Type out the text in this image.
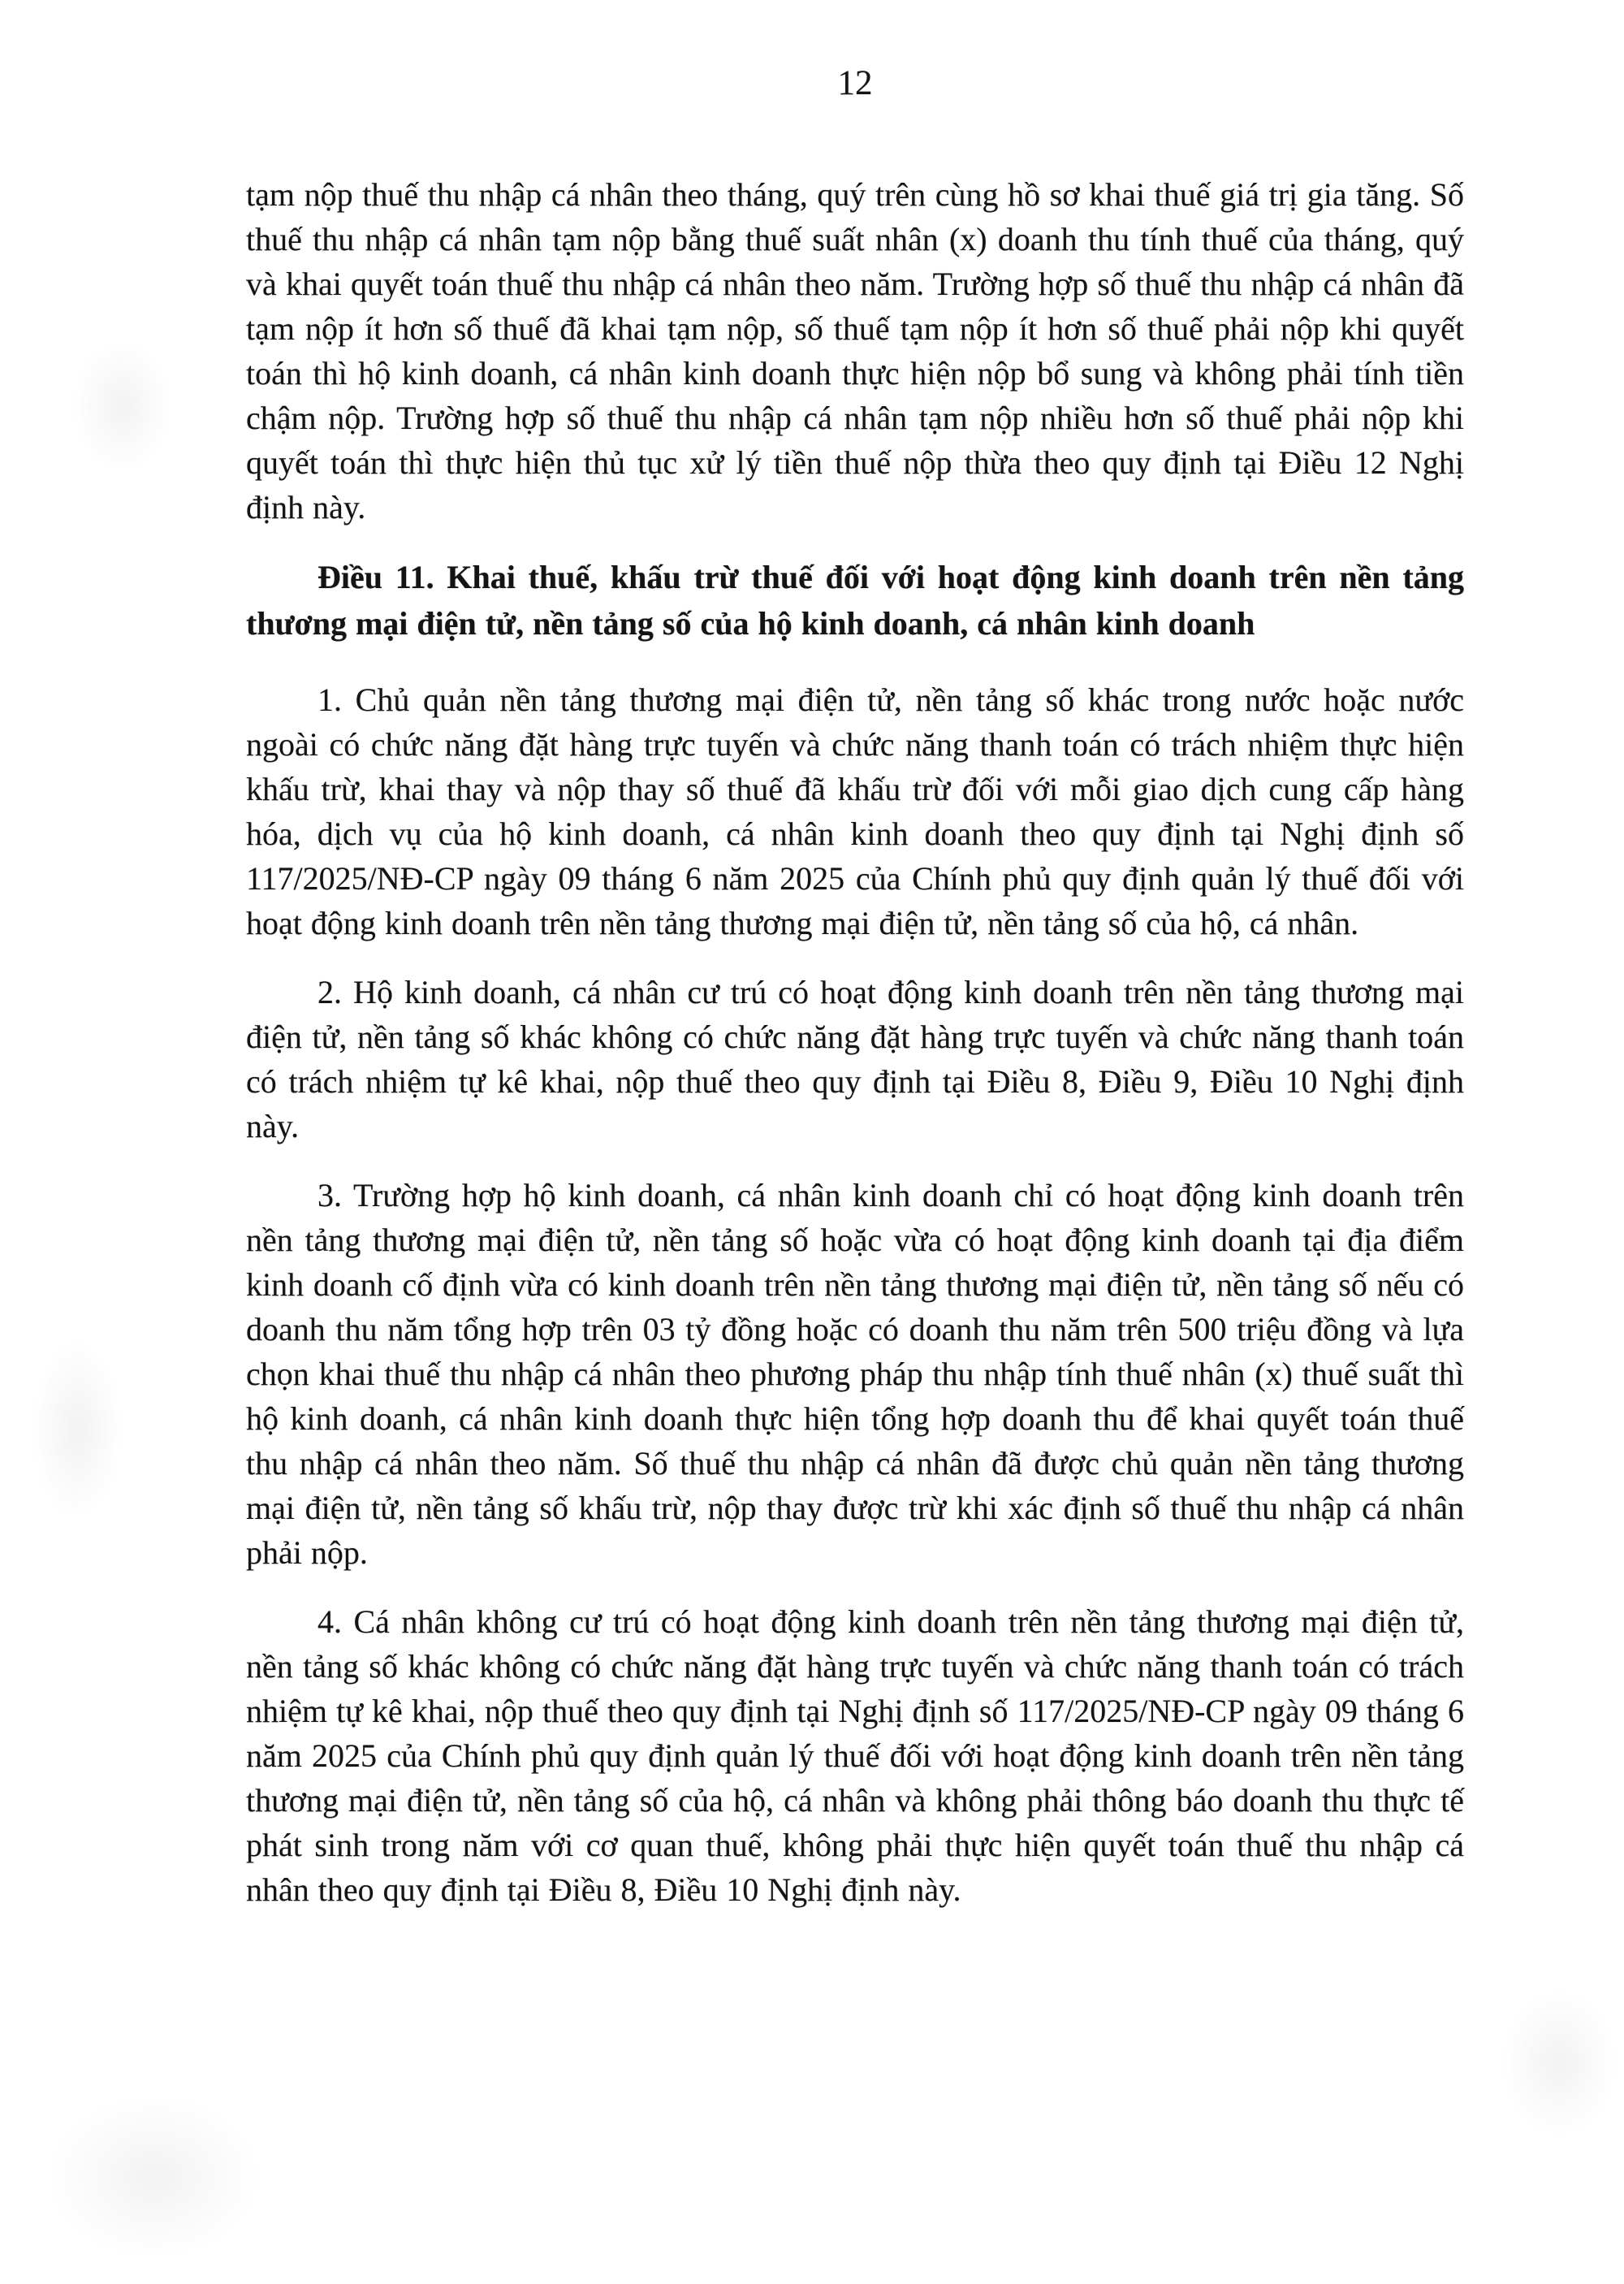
12

tạm nộp thuế thu nhập cá nhân theo tháng, quý trên cùng hồ sơ khai thuế giá trị gia tăng. Số thuế thu nhập cá nhân tạm nộp bằng thuế suất nhân (x) doanh thu tính thuế của tháng, quý và khai quyết toán thuế thu nhập cá nhân theo năm. Trường hợp số thuế thu nhập cá nhân đã tạm nộp ít hơn số thuế đã khai tạm nộp, số thuế tạm nộp ít hơn số thuế phải nộp khi quyết toán thì hộ kinh doanh, cá nhân kinh doanh thực hiện nộp bổ sung và không phải tính tiền chậm nộp. Trường hợp số thuế thu nhập cá nhân tạm nộp nhiều hơn số thuế phải nộp khi quyết toán thì thực hiện thủ tục xử lý tiền thuế nộp thừa theo quy định tại Điều 12 Nghị định này.

Điều 11. Khai thuế, khấu trừ thuế đối với hoạt động kinh doanh trên nền tảng thương mại điện tử, nền tảng số của hộ kinh doanh, cá nhân kinh doanh

1. Chủ quản nền tảng thương mại điện tử, nền tảng số khác trong nước hoặc nước ngoài có chức năng đặt hàng trực tuyến và chức năng thanh toán có trách nhiệm thực hiện khấu trừ, khai thay và nộp thay số thuế đã khấu trừ đối với mỗi giao dịch cung cấp hàng hóa, dịch vụ của hộ kinh doanh, cá nhân kinh doanh theo quy định tại Nghị định số 117/2025/NĐ-CP ngày 09 tháng 6 năm 2025 của Chính phủ quy định quản lý thuế đối với hoạt động kinh doanh trên nền tảng thương mại điện tử, nền tảng số của hộ, cá nhân.

2. Hộ kinh doanh, cá nhân cư trú có hoạt động kinh doanh trên nền tảng thương mại điện tử, nền tảng số khác không có chức năng đặt hàng trực tuyến và chức năng thanh toán có trách nhiệm tự kê khai, nộp thuế theo quy định tại Điều 8, Điều 9, Điều 10 Nghị định này.

3. Trường hợp hộ kinh doanh, cá nhân kinh doanh chỉ có hoạt động kinh doanh trên nền tảng thương mại điện tử, nền tảng số hoặc vừa có hoạt động kinh doanh tại địa điểm kinh doanh cố định vừa có kinh doanh trên nền tảng thương mại điện tử, nền tảng số nếu có doanh thu năm tổng hợp trên 03 tỷ đồng hoặc có doanh thu năm trên 500 triệu đồng và lựa chọn khai thuế thu nhập cá nhân theo phương pháp thu nhập tính thuế nhân (x) thuế suất thì hộ kinh doanh, cá nhân kinh doanh thực hiện tổng hợp doanh thu để khai quyết toán thuế thu nhập cá nhân theo năm. Số thuế thu nhập cá nhân đã được chủ quản nền tảng thương mại điện tử, nền tảng số khấu trừ, nộp thay được trừ khi xác định số thuế thu nhập cá nhân phải nộp.

4. Cá nhân không cư trú có hoạt động kinh doanh trên nền tảng thương mại điện tử, nền tảng số khác không có chức năng đặt hàng trực tuyến và chức năng thanh toán có trách nhiệm tự kê khai, nộp thuế theo quy định tại Nghị định số 117/2025/NĐ-CP ngày 09 tháng 6 năm 2025 của Chính phủ quy định quản lý thuế đối với hoạt động kinh doanh trên nền tảng thương mại điện tử, nền tảng số của hộ, cá nhân và không phải thông báo doanh thu thực tế phát sinh trong năm với cơ quan thuế, không phải thực hiện quyết toán thuế thu nhập cá nhân theo quy định tại Điều 8, Điều 10 Nghị định này.
